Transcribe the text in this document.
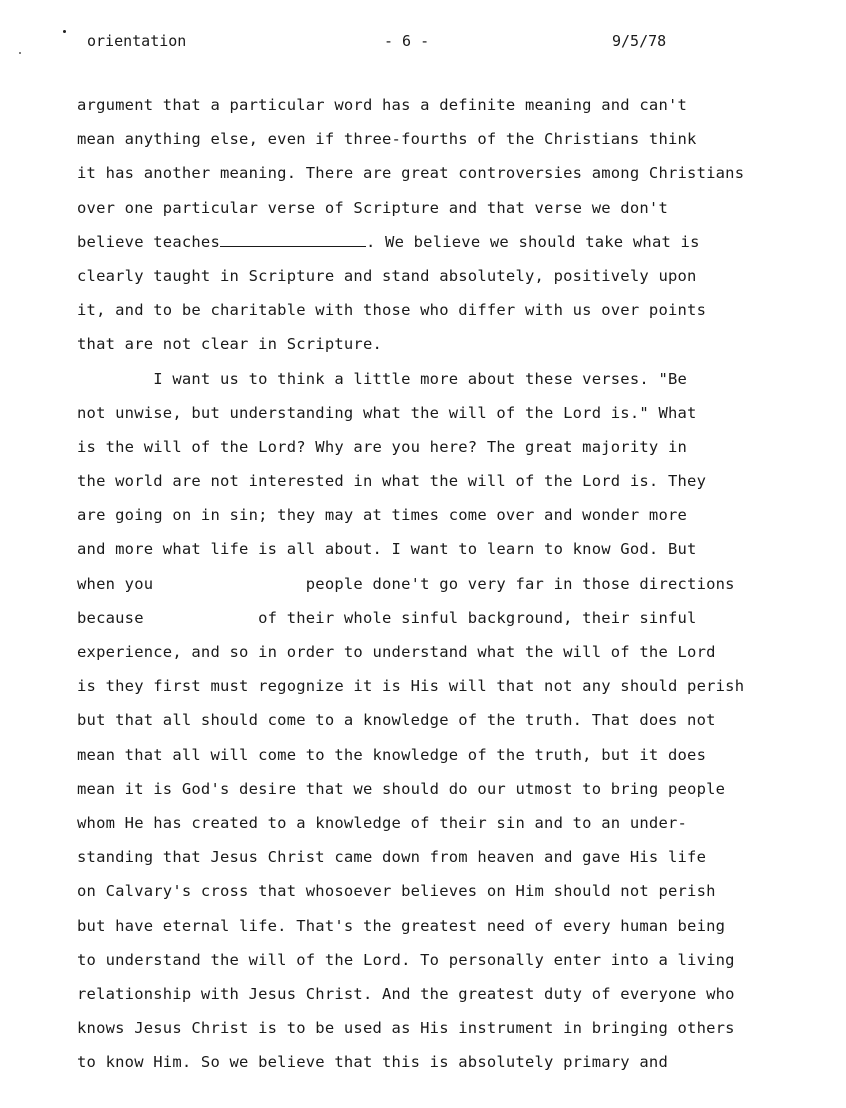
orientation	- 6 -	9/5/78
argument that a particular word has a definite meaning and can't
mean anything else, even if three-fourths of the Christians think
it has another meaning. There are great controversies among Christians
over one particular verse of Scripture and that verse we don't
believe teaches	. We believe we should take what is
clearly taught in Scripture and stand absolutely, positively upon
it, and to be charitable with those who differ with us over points
that are not clear in Scripture.
I want us to think a little more about these verses. "Be
not unwise, but understanding what the will of the Lord is." What
is the will of the Lord? Why are you here? The great majority in
the world are not interested in what the will of the Lord is. They
are going on in sin; they may at times come over and wonder more
and more what life is all about. I want to learn to know God. But
when you                people done't go very far in those directions
because            of their whole sinful background, their sinful
experience, and so in order to understand what the will of the Lord
is they first must regognize it is His will that not any should perish
but that all should come to a knowledge of the truth. That does not
mean that all will come to the knowledge of the truth, but it does
mean it is God's desire that we should do our utmost to bring people
whom He has created to a knowledge of their sin and to an under-
standing that Jesus Christ came down from heaven and gave His life
on Calvary's cross that whosoever believes on Him should not perish
but have eternal life. That's the greatest need of every human being
to understand the will of the Lord. To personally enter into a living
relationship with Jesus Christ. And the greatest duty of everyone who
knows Jesus Christ is to be used as His instrument in bringing others
to know Him. So we believe that this is absolutely primary and
